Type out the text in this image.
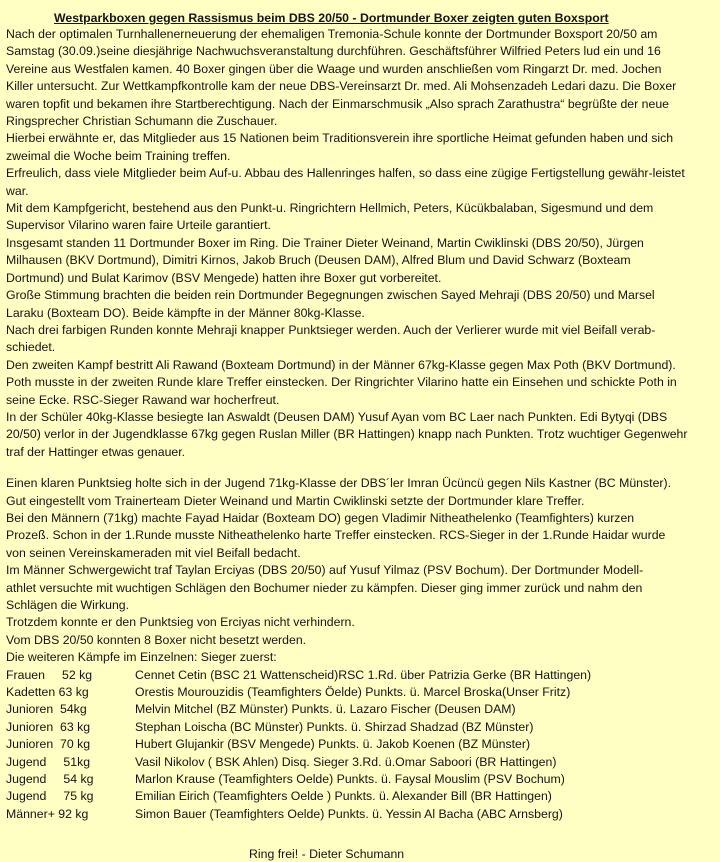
Westparkboxen gegen Rassismus beim DBS 20/50 - Dortmunder Boxer zeigten guten Boxsport

Nach der optimalen Turnhallenerneuerung der ehemaligen Tremonia-Schule konnte der Dortmunder Boxsport 20/50 am
Samstag (30.09.)seine diesjährige Nachwuchsveranstaltung durchführen. Geschäftsführer Wilfried Peters lud ein und 16
Vereine aus Westfalen kamen. 40 Boxer gingen über die Waage und wurden anschließen vom Ringarzt Dr. med. Jochen
Killer untersucht. Zur Wettkampfkontrolle kam der neue DBS-Vereinsarzt Dr. med. Ali Mohsenzadeh Ledari dazu. Die Boxer
waren topfit und bekamen ihre Startberechtigung. Nach der Einmarschmusik „Also sprach Zarathustra“ begrüßte der neue
Ringsprecher Christian Schumann die Zuschauer.

Hierbei erwähnte er, das Mitglieder aus 15 Nationen beim Traditionsverein ihre sportliche Heimat gefunden haben und sich
zweimal die Woche beim Training treffen.

Erfreulich, dass viele Mitglieder beim Auf-u. Abbau des Hallenringes halfen, so dass eine zügige Fertigstellung gewähr-leistet
war.

Mit dem Kampfgericht, bestehend aus den Punkt-u. Ringrichtern Hellmich, Peters, Kücükbalaban, Sigesmund und dem
Supervisor Vilarino waren faire Urteile garantiert.

Insgesamt standen 11 Dortmunder Boxer im Ring. Die Trainer Dieter Weinand, Martin Cwiklinski (DBS 20/50), Jürgen
Milhausen (BKV Dortmund), Dimitri Kirnos, Jakob Bruch (Deusen DAM), Alfred Blum und David Schwarz (Boxteam
Dortmund) und Bulat Karimov (BSV Mengede) hatten ihre Boxer gut vorbereitet.

Große Stimmung brachten die beiden rein Dortmunder Begegnungen zwischen Sayed Mehraji (DBS 20/50) und Marsel
Laraku (Boxteam DO). Beide kämpfte in der Männer 80kg-Klasse.

Nach drei farbigen Runden konnte Mehraji knapper Punktsieger werden. Auch der Verlierer wurde mit viel Beifall verab-
schiedet.

Den zweiten Kampf bestritt Ali Rawand (Boxteam Dortmund) in der Männer 67kg-Klasse gegen Max Poth (BKV Dortmund).
Poth musste in der zweiten Runde klare Treffer einstecken. Der Ringrichter Vilarino hatte ein Einsehen und schickte Poth in
seine Ecke. RSC-Sieger Rawand war hocherfreut.

In der Schüler 40kg-Klasse besiegte Ian Aswaldt (Deusen DAM) Yusuf Ayan vom BC Laer nach Punkten. Edi Bytyqi (DBS
20/50) verlor in der Jugendklasse 67kg gegen Ruslan Miller (BR Hattingen) knapp nach Punkten. Trotz wuchtiger Gegenwehr
traf der Hattinger etwas genauer.

Einen klaren Punktsieg holte sich in der Jugend 71kg-Klasse der DBS´ler Imran Ücüncü gegen Nils Kastner (BC Münster).
Gut eingestellt vom Trainerteam Dieter Weinand und Martin Cwiklinski setzte der Dortmunder klare Treffer.

Bei den Männern (71kg) machte Fayad Haidar (Boxteam DO) gegen Vladimir Nitheathelenko (Teamfighters) kurzen
Prozeß. Schon in der 1.Runde musste Nitheathelenko harte Treffer einstecken. RCS-Sieger in der 1.Runde Haidar wurde
von seinen Vereinskameraden mit viel Beifall bedacht.

Im Männer Schwergewicht traf Taylan Erciyas (DBS 20/50) auf Yusuf Yilmaz (PSV Bochum). Der Dortmunder Modell-
athlet versuchte mit wuchtigen Schlägen den Bochumer nieder zu kämpfen. Dieser ging immer zurück und nahm den
Schlägen die Wirkung.

Trotzdem konnte er den Punktsieg von Erciyas nicht verhindern.

Vom DBS 20/50 konnten 8 Boxer nicht besetzt werden.

Die weiteren Kämpfe im Einzelnen: Sieger zuerst:

Frauen     52 kg	Cennet Cetin (BSC 21 Wattenscheid)RSC 1.Rd. über Patrizia Gerke (BR Hattingen)
Kadetten 63 kg	Orestis Mourouzidis (Teamfighters Öelde) Punkts. ü. Marcel Broska(Unser Fritz)
Junioren  54kg	Melvin Mitchel (BZ Münster) Punkts. ü. Lazaro Fischer (Deusen DAM)
Junioren  63 kg	Stephan Loischa (BC Münster) Punkts. ü. Shirzad Shadzad (BZ Münster)
Junioren  70 kg	Hubert Glujankir (BSV Mengede) Punkts. ü. Jakob Koenen (BZ Münster)
Jugend     51kg	Vasil Nikolov ( BSK Ahlen) Disq. Sieger 3.Rd. ü.Omar Saboori (BR Hattingen)
Jugend     54 kg	Marlon Krause (Teamfighters Oelde) Punkts. ü. Faysal Mouslim (PSV Bochum)
Jugend     75 kg	Emilian Eirich (Teamfighters Oelde ) Punkts. ü. Alexander Bill (BR Hattingen)
Männer+ 92 kg	Simon Bauer (Teamfighters Oelde) Punkts. ü. Yessin Al Bacha (ABC Arnsberg)
Ring frei! - Dieter Schumann
